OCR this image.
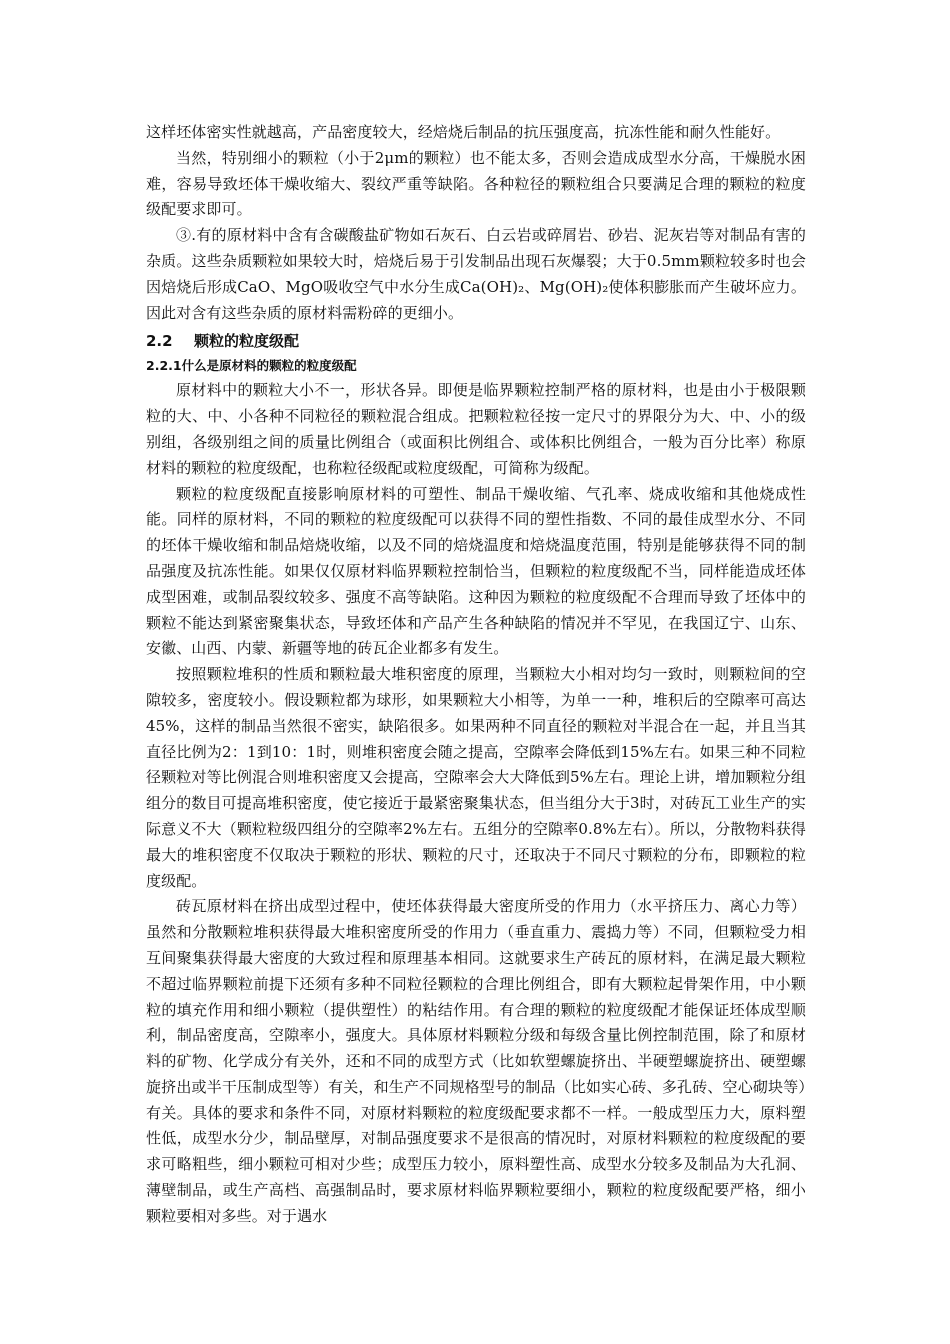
这样坯体密实性就越高，产品密度较大，经焙烧后制品的抗压强度高，抗冻性能和耐久性能好。

当然，特别细小的颗粒（小于2μm的颗粒）也不能太多，否则会造成成型水分高，干燥脱水困难，容易导致坯体干燥收缩大、裂纹严重等缺陷。各种粒径的颗粒组合只要满足合理的颗粒的粒度级配要求即可。

③.有的原材料中含有含碳酸盐矿物如石灰石、白云岩或碎屑岩、砂岩、泥灰岩等对制品有害的杂质。这些杂质颗粒如果较大时，焙烧后易于引发制品出现石灰爆裂；大于0.5mm颗粒较多时也会因焙烧后形成CaO、MgO吸收空气中水分生成Ca(OH)₂、Mg(OH)₂使体积膨胀而产生破坏应力。因此对含有这些杂质的原材料需粉碎的更细小。

2.2 颗粒的粒度级配
2.2.1什么是原材料的颗粒的粒度级配

原材料中的颗粒大小不一，形状各异。即便是临界颗粒控制严格的原材料，也是由小于极限颗粒的大、中、小各种不同粒径的颗粒混合组成。把颗粒粒径按一定尺寸的界限分为大、中、小的级别组，各级别组之间的质量比例组合（或面积比例组合、或体积比例组合，一般为百分比率）称原材料的颗粒的粒度级配，也称粒径级配或粒度级配，可简称为级配。

颗粒的粒度级配直接影响原材料的可塑性、制品干燥收缩、气孔率、烧成收缩和其他烧成性能。同样的原材料，不同的颗粒的粒度级配可以获得不同的塑性指数、不同的最佳成型水分、不同的坯体干燥收缩和制品焙烧收缩，以及不同的焙烧温度和焙烧温度范围，特别是能够获得不同的制品强度及抗冻性能。如果仅仅原材料临界颗粒控制恰当，但颗粒的粒度级配不当，同样能造成坯体成型困难，或制品裂纹较多、强度不高等缺陷。这种因为颗粒的粒度级配不合理而导致了坯体中的颗粒不能达到紧密聚集状态，导致坯体和产品产生各种缺陷的情况并不罕见，在我国辽宁、山东、安徽、山西、内蒙、新疆等地的砖瓦企业都多有发生。

按照颗粒堆积的性质和颗粒最大堆积密度的原理，当颗粒大小相对均匀一致时，则颗粒间的空隙较多，密度较小。假设颗粒都为球形，如果颗粒大小相等，为单一一种，堆积后的空隙率可高达45%，这样的制品当然很不密实，缺陷很多。如果两种不同直径的颗粒对半混合在一起，并且当其直径比例为2：1到10：1时，则堆积密度会随之提高，空隙率会降低到15%左右。如果三种不同粒径颗粒对等比例混合则堆积密度又会提高，空隙率会大大降低到5%左右。理论上讲，增加颗粒分组组分的数目可提高堆积密度，使它接近于最紧密聚集状态，但当组分大于3时，对砖瓦工业生产的实际意义不大（颗粒粒级四组分的空隙率2%左右。五组分的空隙率0.8%左右）。所以，分散物料获得最大的堆积密度不仅取决于颗粒的形状、颗粒的尺寸，还取决于不同尺寸颗粒的分布，即颗粒的粒度级配。

砖瓦原材料在挤出成型过程中，使坯体获得最大密度所受的作用力（水平挤压力、离心力等）虽然和分散颗粒堆积获得最大堆积密度所受的作用力（垂直重力、震捣力等）不同，但颗粒受力相互间聚集获得最大密度的大致过程和原理基本相同。这就要求生产砖瓦的原材料，在满足最大颗粒不超过临界颗粒前提下还须有多种不同粒径颗粒的合理比例组合，即有大颗粒起骨架作用，中小颗粒的填充作用和细小颗粒（提供塑性）的粘结作用。有合理的颗粒的粒度级配才能保证坯体成型顺利，制品密度高，空隙率小，强度大。具体原材料颗粒分级和每级含量比例控制范围，除了和原材料的矿物、化学成分有关外，还和不同的成型方式（比如软塑螺旋挤出、半硬塑螺旋挤出、硬塑螺旋挤出或半干压制成型等）有关，和生产不同规格型号的制品（比如实心砖、多孔砖、空心砌块等）有关。具体的要求和条件不同，对原材料颗粒的粒度级配要求都不一样。一般成型压力大，原料塑性低，成型水分少，制品壁厚，对制品强度要求不是很高的情况时，对原材料颗粒的粒度级配的要求可略粗些，细小颗粒可相对少些；成型压力较小，原料塑性高、成型水分较多及制品为大孔洞、薄壁制品，或生产高档、高强制品时，要求原材料临界颗粒要细小，颗粒的粒度级配要严格，细小颗粒要相对多些。对于遇水
